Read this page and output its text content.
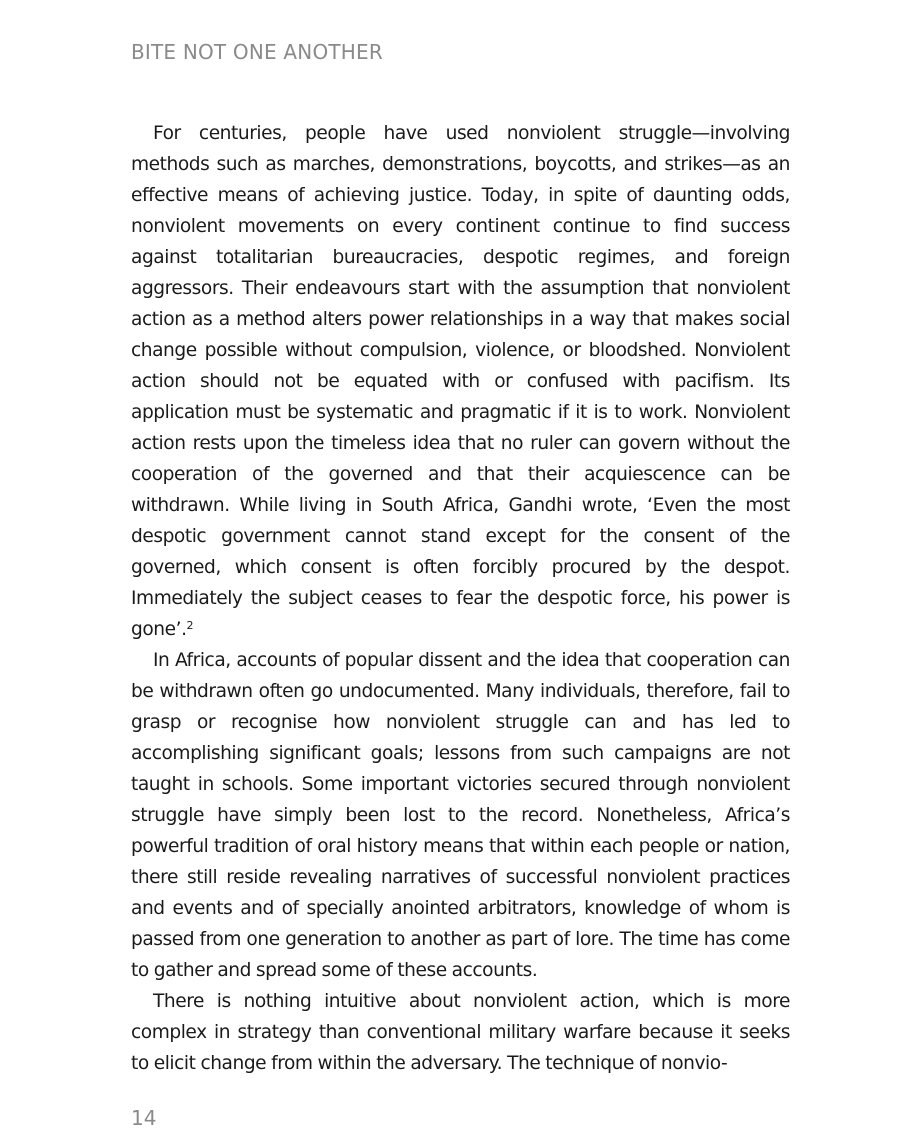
BITE NOT ONE ANOTHER

For centuries, people have used nonviolent struggle—involving methods such as marches, demonstrations, boycotts, and strikes—as an effective means of achieving justice. Today, in spite of daunting odds, nonviolent movements on every continent continue to find success against totalitarian bureaucracies, despotic regimes, and foreign aggressors. Their endeavours start with the assumption that nonviolent action as a method alters power relationships in a way that makes social change possible without compulsion, violence, or bloodshed. Nonviolent action should not be equated with or confused with pacifism. Its application must be systematic and pragmatic if it is to work. Nonviolent action rests upon the timeless idea that no ruler can govern without the cooperation of the governed and that their acquiescence can be withdrawn. While living in South Africa, Gandhi wrote, ‘Even the most despotic government cannot stand except for the consent of the governed, which consent is often forcibly procured by the despot. Immediately the subject ceases to fear the despotic force, his power is gone’.$^2$

In Africa, accounts of popular dissent and the idea that cooperation can be withdrawn often go undocumented. Many individuals, therefore, fail to grasp or recognise how nonviolent struggle can and has led to accomplishing significant goals; lessons from such campaigns are not taught in schools. Some important victories secured through nonviolent struggle have simply been lost to the record. Nonetheless, Africa’s powerful tradition of oral history means that within each people or nation, there still reside revealing narratives of successful nonviolent practices and events and of specially anointed arbitrators, knowledge of whom is passed from one generation to another as part of lore. The time has come to gather and spread some of these accounts.

There is nothing intuitive about nonviolent action, which is more complex in strategy than conventional military warfare because it seeks to elicit change from within the adversary. The technique of nonvio-

14
